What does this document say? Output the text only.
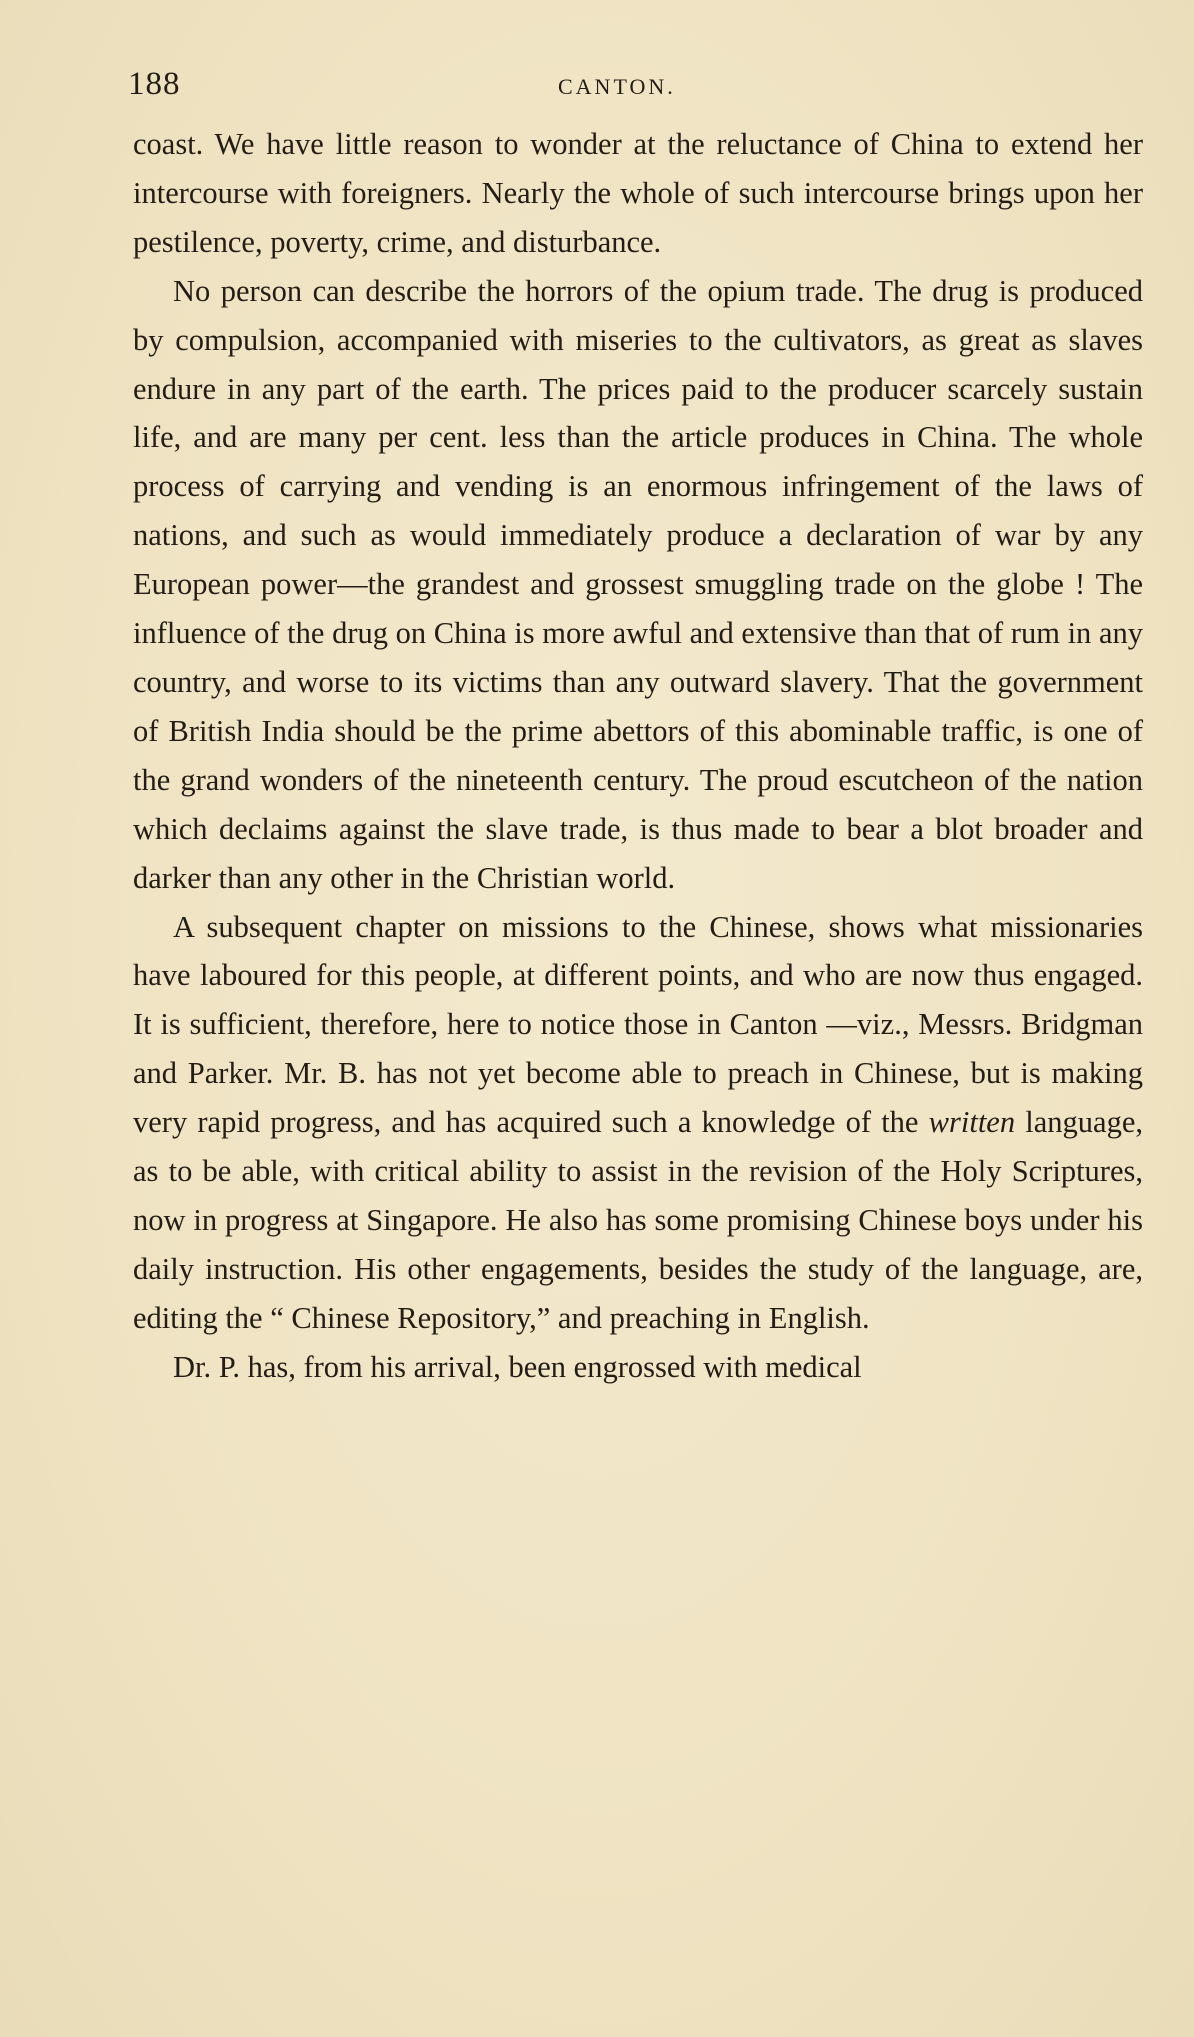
188	CANTON.

coast. We have little reason to wonder at the reluctance of China to extend her intercourse with foreigners. Nearly the whole of such intercourse brings upon her pestilence, poverty, crime, and disturbance.

No person can describe the horrors of the opium trade. The drug is produced by compulsion, accompanied with miseries to the cultivators, as great as slaves endure in any part of the earth. The prices paid to the producer scarcely sustain life, and are many per cent. less than the article produces in China. The whole process of carrying and vending is an enormous infringement of the laws of nations, and such as would immediately produce a declaration of war by any European power—the grandest and grossest smuggling trade on the globe ! The influence of the drug on China is more awful and extensive than that of rum in any country, and worse to its victims than any outward slavery. That the government of British India should be the prime abettors of this abominable traffic, is one of the grand wonders of the nineteenth century. The proud escutcheon of the nation which declaims against the slave trade, is thus made to bear a blot broader and darker than any other in the Christian world.

A subsequent chapter on missions to the Chinese, shows what missionaries have laboured for this people, at different points, and who are now thus engaged. It is sufficient, therefore, here to notice those in Canton —viz., Messrs. Bridgman and Parker. Mr. B. has not yet become able to preach in Chinese, but is making very rapid progress, and has acquired such a knowledge of the written language, as to be able, with critical ability to assist in the revision of the Holy Scriptures, now in progress at Singapore. He also has some promising Chinese boys under his daily instruction. His other engagements, besides the study of the language, are, editing the “ Chinese Repository,” and preaching in English.

Dr. P. has, from his arrival, been engrossed with medical
